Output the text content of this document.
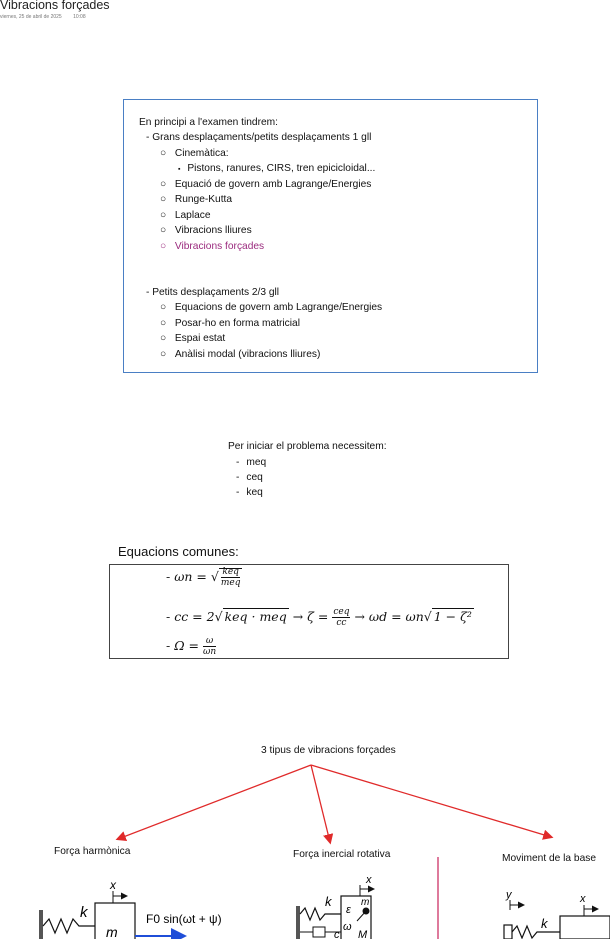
Vibracions forçades
viernes, 25 de abril de 2025 10:08
En principi a l'examen tindrem:
- Grans desplaçaments/petits desplaçaments 1 gll
○ Cinemàtica:
▪ Pistons, ranures, CIRS, tren epicicloidal...
○ Equació de govern amb Lagrange/Energies
○ Runge-Kutta
○ Laplace
○ Vibracions lliures
○ Vibracions forçades
- Petits desplaçaments 2/3 gll
○ Equacions de govern amb Lagrange/Energies
○ Posar-ho en forma matricial
○ Espai estat
○ Anàlisi modal (vibracions lliures)
Per iniciar el problema necessitem:
- meq
- ceq
- keq
Equacions comunes:
- ωn = √ $\frac{\text{keq}}{\text{meq}}$
- cc = 2√ keq · meq → $\zeta = \frac{\text{ceq}}{cc} \to \omega d = \omega n√$ 1 − ζ²
- $\Omega = \frac{\omega}{\omega n}$
3 tipus de vibracions forçades
k
m
x
F0 sin(ωt + ψ)
k
c
x
ε
m
ω
M
y
k
x
Força harmònica	Força inercial rotativa	Moviment de la base
